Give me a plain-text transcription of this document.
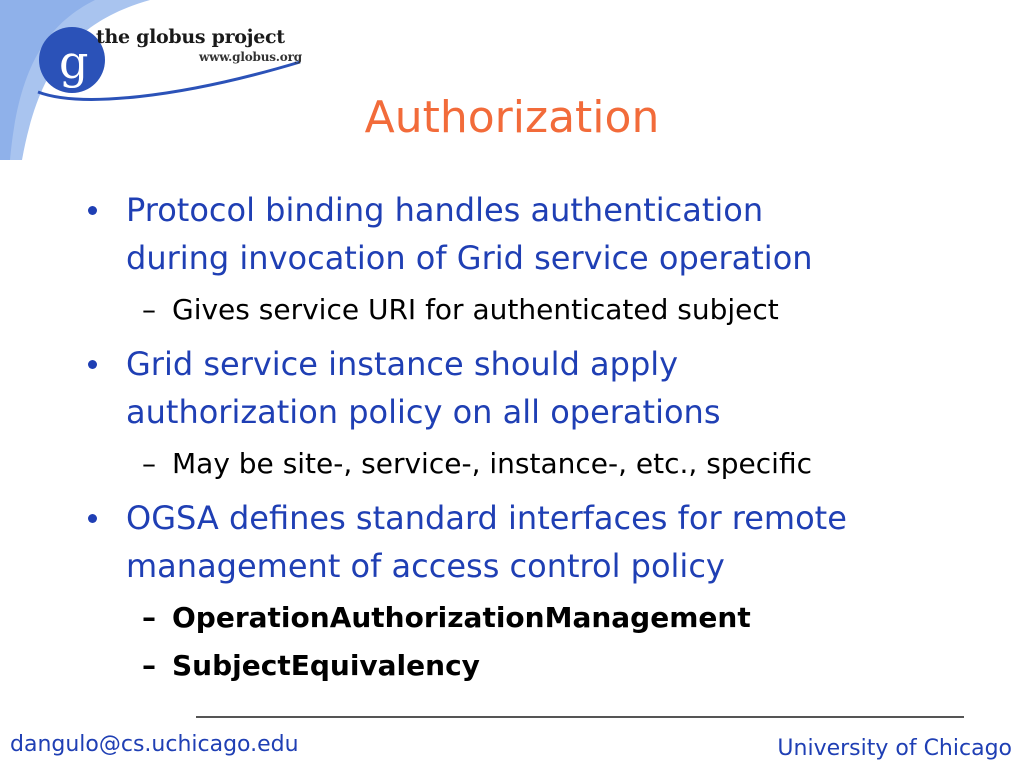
g the globus project
www.globus.org
Authorization
Protocol binding handles authentication
during invocation of Grid service operation
– Gives service URI for authenticated subject
Grid service instance should apply
authorization policy on all operations
– May be site-, service-, instance-, etc., specific
OGSA defines standard interfaces for remote
management of access control policy
– OperationAuthorizationManagement
– SubjectEquivalency
dangulo@cs.uchicago.edu	University of Chicago
